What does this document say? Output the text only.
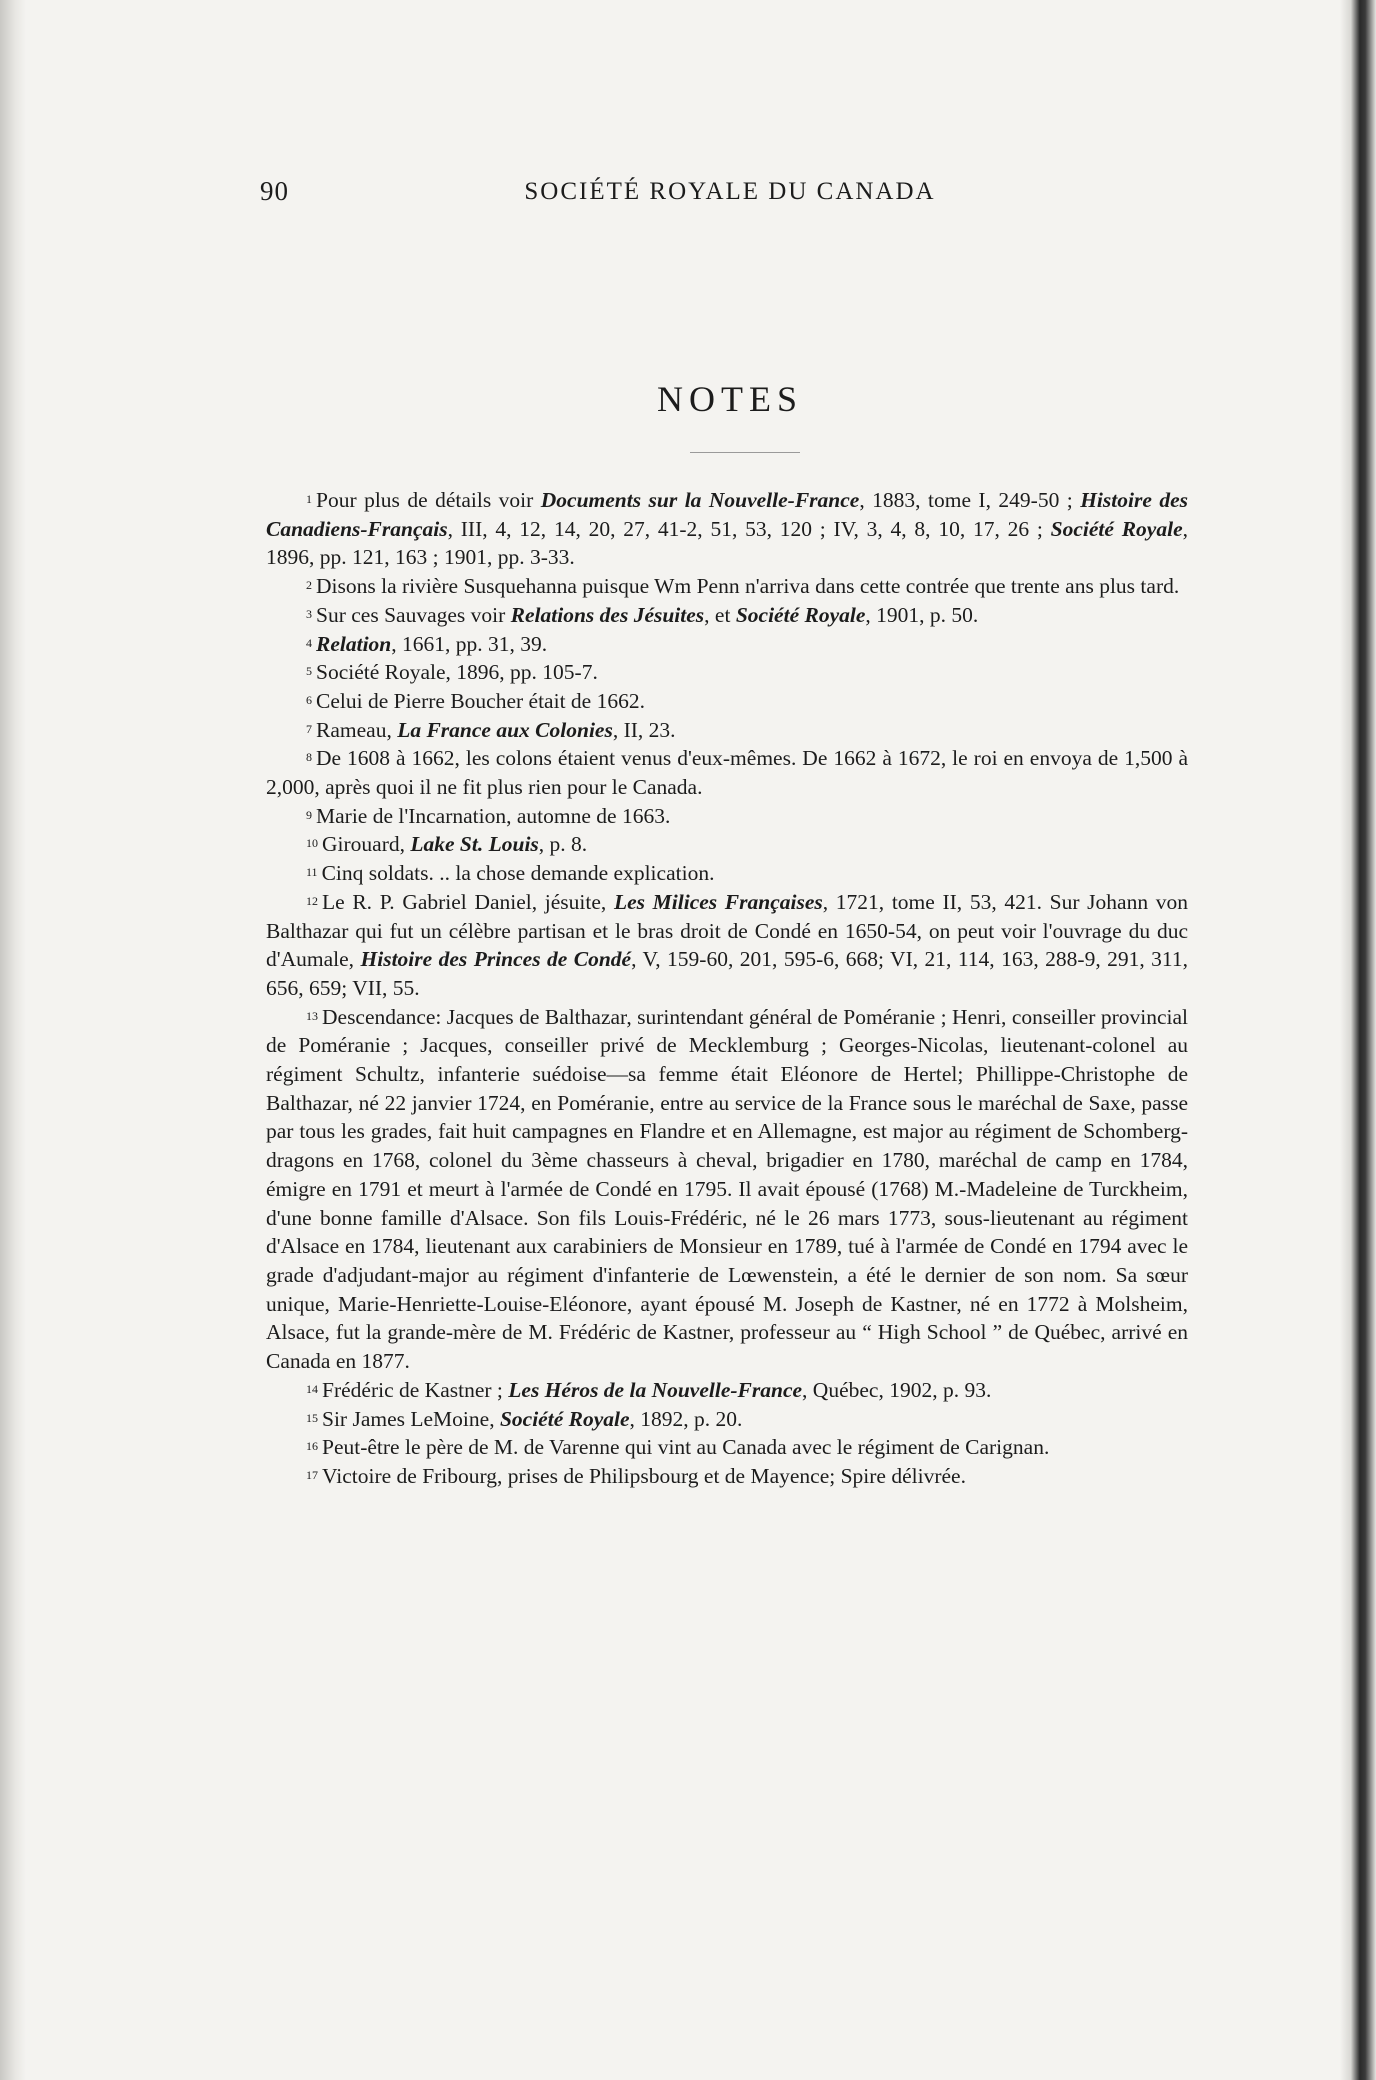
90	SOCIÉTÉ ROYALE DU CANADA
NOTES

$^1$ Pour plus de détails voir Documents sur la Nouvelle-France, 1883, tome I, 249-50 ; Histoire des Canadiens-Français, III, 4, 12, 14, 20, 27, 41-2, 51, 53, 120 ; IV, 3, 4, 8, 10, 17, 26 ; Société Royale, 1896, pp. 121, 163 ; 1901, pp. 3-33.

$^2$ Disons la rivière Susquehanna puisque Wm Penn n'arriva dans cette contrée que trente ans plus tard.

$^3$ Sur ces Sauvages voir Relations des Jésuites, et Société Royale, 1901, p. 50.

$^4$ Relation, 1661, pp. 31, 39.

$^5$ Société Royale, 1896, pp. 105-7.

$^6$ Celui de Pierre Boucher était de 1662.

$^7$ Rameau, La France aux Colonies, II, 23.

$^8$ De 1608 à 1662, les colons étaient venus d'eux-mêmes. De 1662 à 1672, le roi en envoya de 1,500 à 2,000, après quoi il ne fit plus rien pour le Canada.

$^9$ Marie de l'Incarnation, automne de 1663.

$^{10}$ Girouard, Lake St. Louis, p. 8.

$^{11}$ Cinq soldats. .. la chose demande explication.

$^{12}$ Le R. P. Gabriel Daniel, jésuite, Les Milices Françaises, 1721, tome II, 53, 421. Sur Johann von Balthazar qui fut un célèbre partisan et le bras droit de Condé en 1650-54, on peut voir l'ouvrage du duc d'Aumale, Histoire des Princes de Condé, V, 159-60, 201, 595-6, 668; VI, 21, 114, 163, 288-9, 291, 311, 656, 659; VII, 55.

$^{13}$ Descendance: Jacques de Balthazar, surintendant général de Poméranie ; Henri, conseiller provincial de Poméranie ; Jacques, conseiller privé de Mecklemburg ; Georges-Nicolas, lieutenant-colonel au régiment Schultz, infanterie suédoise—sa femme était Eléonore de Hertel; Phillippe-Christophe de Balthazar, né 22 janvier 1724, en Poméranie, entre au service de la France sous le maréchal de Saxe, passe par tous les grades, fait huit campagnes en Flandre et en Allemagne, est major au régiment de Schomberg-dragons en 1768, colonel du 3ème chasseurs à cheval, brigadier en 1780, maréchal de camp en 1784, émigre en 1791 et meurt à l'armée de Condé en 1795. Il avait épousé (1768) M.-Madeleine de Turckheim, d'une bonne famille d'Alsace. Son fils Louis-Frédéric, né le 26 mars 1773, sous-lieutenant au régiment d'Alsace en 1784, lieutenant aux carabiniers de Monsieur en 1789, tué à l'armée de Condé en 1794 avec le grade d'adjudant-major au régiment d'infanterie de Lœwenstein, a été le dernier de son nom. Sa sœur unique, Marie-Henriette-Louise-Eléonore, ayant épousé M. Joseph de Kastner, né en 1772 à Molsheim, Alsace, fut la grande-mère de M. Frédéric de Kastner, professeur au “ High School ” de Québec, arrivé en Canada en 1877.

$^{14}$ Frédéric de Kastner ; Les Héros de la Nouvelle-France, Québec, 1902, p. 93.

$^{15}$ Sir James LeMoine, Société Royale, 1892, p. 20.

$^{16}$ Peut-être le père de M. de Varenne qui vint au Canada avec le régiment de Carignan.

$^{17}$ Victoire de Fribourg, prises de Philipsbourg et de Mayence; Spire délivrée.
